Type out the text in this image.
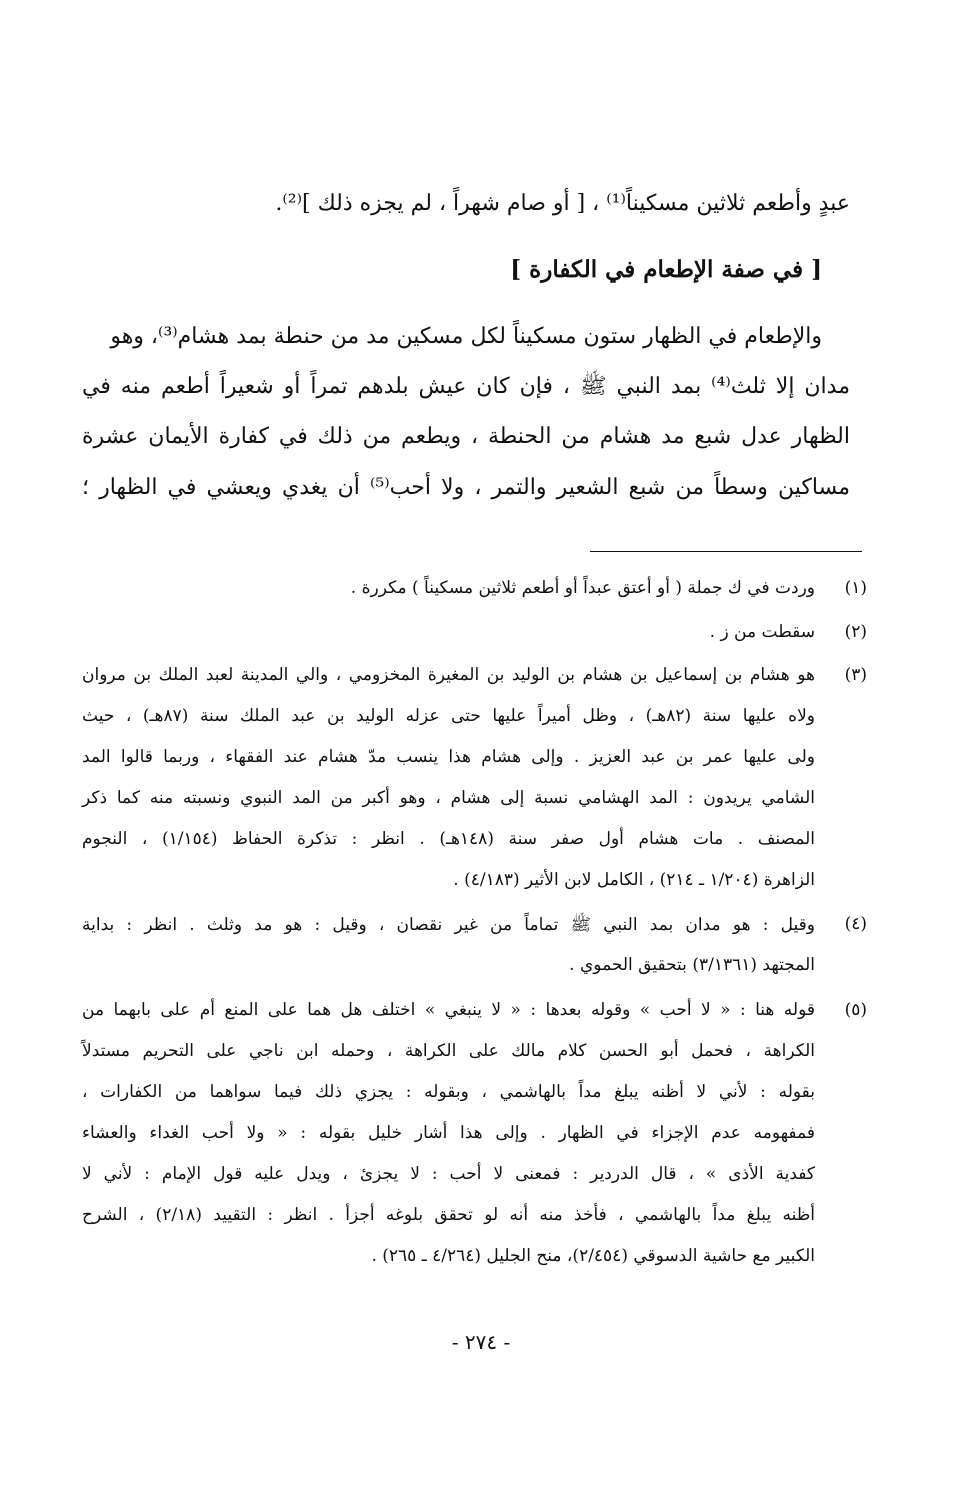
عبدٍ وأطعم ثلاثين مسكيناً⁽¹⁾ ، [ أو صام شهراً ، لم يجزه ذلك ]⁽²⁾.
[ في صفة الإطعام في الكفارة ]
والإطعام في الظهار ستون مسكيناً لكل مسكين مد من حنطة بمد هشام⁽³⁾، وهو
مدان إلا ثلث⁽⁴⁾ بمد النبي ﷺ ، فإن كان عيش بلدهم تمراً أو شعيراً أطعم منه في
الظهار عدل شبع مد هشام من الحنطة ، ويطعم من ذلك في كفارة الأيمان عشرة
مساكين وسطاً من شبع الشعير والتمر ، ولا أحب⁽⁵⁾ أن يغدي ويعشي في الظهار ؛
(١)
وردت في ك جملة ( أو أعتق عبداً أو أطعم ثلاثين مسكيناً ) مكررة .
(٢)
سقطت من ز .
(٣)
هو هشام بن إسماعيل بن هشام بن الوليد بن المغيرة المخزومي ، والي المدينة لعبد الملك بن مروان
ولاه عليها سنة (٨٢هـ) ، وظل أميراً عليها حتى عزله الوليد بن عبد الملك سنة (٨٧هـ) ، حيث
ولى عليها عمر بن عبد العزيز . وإلى هشام هذا ينسب مدّ هشام عند الفقهاء ، وربما قالوا المد
الشامي يريدون : المد الهشامي نسبة إلى هشام ، وهو أكبر من المد النبوي ونسبته منه كما ذكر
المصنف . مات هشام أول صفر سنة (١٤٨هـ) . انظر : تذكرة الحفاظ (١/١٥٤) ، النجوم
الزاهرة (١/٢٠٤ ـ ٢١٤) ، الكامل لابن الأثير (٤/١٨٣) .
(٤)
وقيل : هو مدان بمد النبي ﷺ تماماً من غير نقصان ، وقيل : هو مد وثلث . انظر : بداية
المجتهد (٣/١٣٦١) بتحقيق الحموي .
(٥)
قوله هنا : « لا أحب » وقوله بعدها : « لا ينبغي » اختلف هل هما على المنع أم على بابهما من
الكراهة ، فحمل أبو الحسن كلام مالك على الكراهة ، وحمله ابن ناجي على التحريم مستدلاً
بقوله : لأني لا أظنه يبلغ مداً بالهاشمي ، وبقوله : يجزي ذلك فيما سواهما من الكفارات ،
فمفهومه عدم الإجزاء في الظهار . وإلى هذا أشار خليل بقوله : « ولا أحب الغداء والعشاء
كفدية الأذى » ، قال الدردير : فمعنى لا أحب : لا يجزئ ، ويدل عليه قول الإمام : لأني لا
أظنه يبلغ مداً بالهاشمي ، فأخذ منه أنه لو تحقق بلوغه أجزأ . انظر : التقييد (٢/١٨) ، الشرح
الكبير مع حاشية الدسوقي (٢/٤٥٤)، منح الجليل (٤/٢٦٤ ـ ٢٦٥) .
- ٢٧٤ -
